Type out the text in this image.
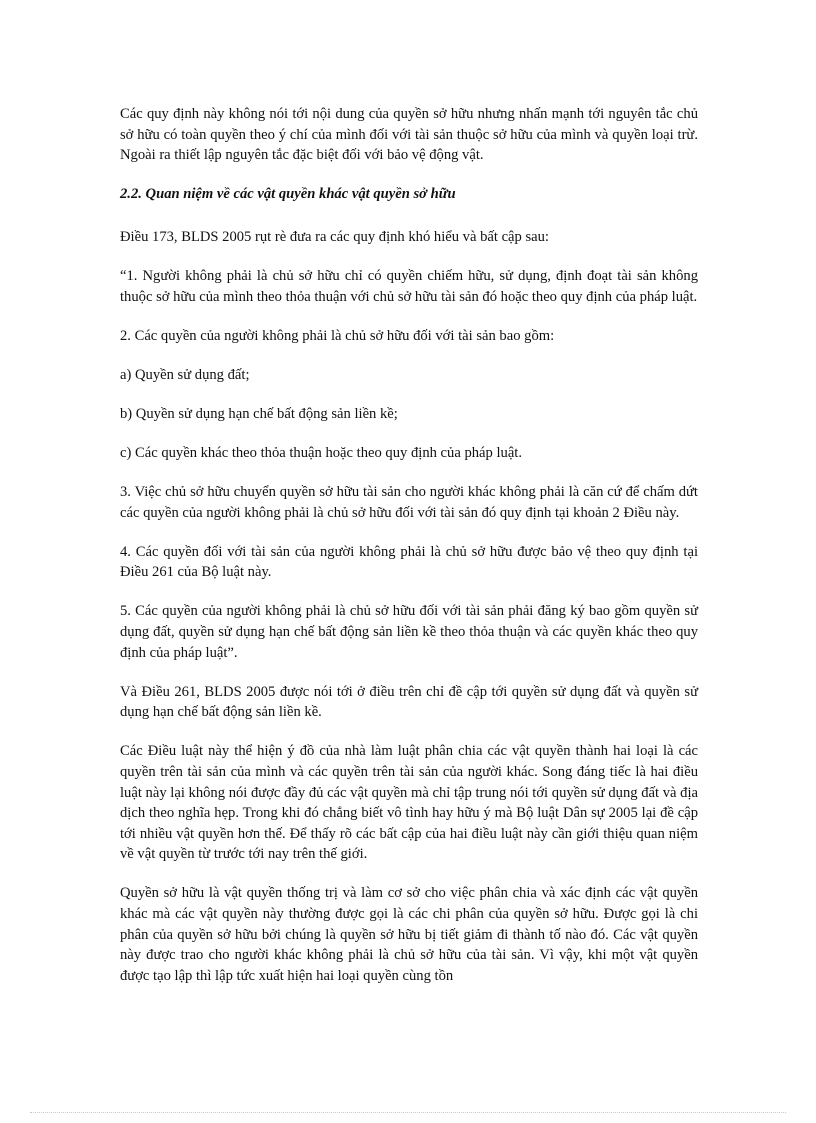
Các quy định này không nói tới nội dung của quyền sở hữu nhưng nhấn mạnh tới nguyên tắc chủ sở hữu có toàn quyền theo ý chí của mình đối với tài sản thuộc sở hữu của mình và quyền loại trừ. Ngoài ra thiết lập nguyên tắc đặc biệt đối với bảo vệ động vật.

2.2. Quan niệm về các vật quyền khác vật quyền sở hữu

Điều 173, BLDS 2005 rụt rè đưa ra các quy định khó hiểu và bất cập sau:

“1. Người không phải là chủ sở hữu chỉ có quyền chiếm hữu, sử dụng, định đoạt tài sản không thuộc sở hữu của mình theo thỏa thuận với chủ sở hữu tài sản đó hoặc theo quy định của pháp luật.

2. Các quyền của người không phải là chủ sở hữu đối với tài sản bao gồm:

a) Quyền sử dụng đất;

b) Quyền sử dụng hạn chế bất động sản liền kề;

c) Các quyền khác theo thỏa thuận hoặc theo quy định của pháp luật.

3. Việc chủ sở hữu chuyển quyền sở hữu tài sản cho người khác không phải là căn cứ để chấm dứt các quyền của người không phải là chủ sở hữu đối với tài sản đó quy định tại khoản 2 Điều này.

4. Các quyền đối với tài sản của người không phải là chủ sở hữu được bảo vệ theo quy định tại Điều 261 của Bộ luật này.

5. Các quyền của người không phải là chủ sở hữu đối với tài sản phải đăng ký bao gồm quyền sử dụng đất, quyền sử dụng hạn chế bất động sản liền kề theo thỏa thuận và các quyền khác theo quy định của pháp luật”.

Và Điều 261, BLDS 2005 được nói tới ở điều trên chỉ đề cập tới quyền sử dụng đất và quyền sử dụng hạn chế bất động sản liền kề.

Các Điều luật này thể hiện ý đồ của nhà làm luật phân chia các vật quyền thành hai loại là các quyền trên tài sản của mình và các quyền trên tài sản của người khác. Song đáng tiếc là hai điều luật này lại không nói được đầy đủ các vật quyền mà chỉ tập trung nói tới quyền sử dụng đất và địa dịch theo nghĩa hẹp. Trong khi đó chẳng biết vô tình hay hữu ý mà Bộ luật Dân sự 2005 lại đề cập tới nhiều vật quyền hơn thế. Để thấy rõ các bất cập của hai điều luật này cần giới thiệu quan niệm về vật quyền từ trước tới nay trên thế giới.

Quyền sở hữu là vật quyền thống trị và làm cơ sở cho việc phân chia và xác định các vật quyền khác mà các vật quyền này thường được gọi là các chi phân của quyền sở hữu. Được gọi là chi phân của quyền sở hữu bởi chúng là quyền sở hữu bị tiết giảm đi thành tố nào đó. Các vật quyền này được trao cho người khác không phải là chủ sở hữu của tài sản. Vì vậy, khi một vật quyền được tạo lập thì lập tức xuất hiện hai loại quyền cùng tồn
